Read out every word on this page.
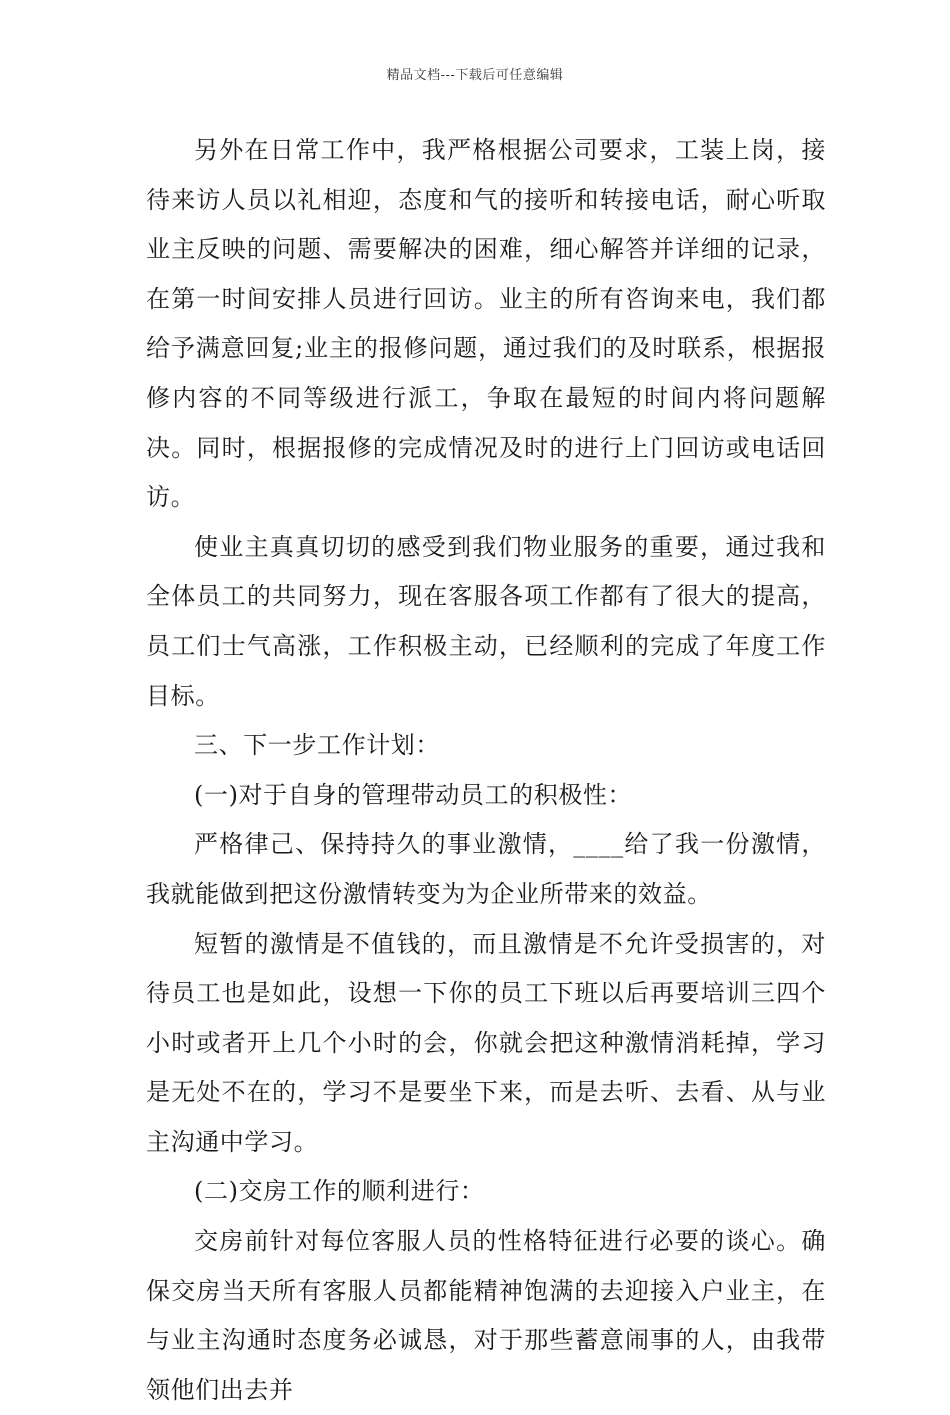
精品文档---下载后可任意编辑

另外在日常工作中，我严格根据公司要求，工装上岗，接待来访人员以礼相迎，态度和气的接听和转接电话，耐心听取业主反映的问题、需要解决的困难，细心解答并详细的记录，在第一时间安排人员进行回访。业主的所有咨询来电，我们都给予满意回复;业主的报修问题，通过我们的及时联系，根据报修内容的不同等级进行派工，争取在最短的时间内将问题解决。同时，根据报修的完成情况及时的进行上门回访或电话回访。

使业主真真切切的感受到我们物业服务的重要，通过我和全体员工的共同努力，现在客服各项工作都有了很大的提高，员工们士气高涨，工作积极主动，已经顺利的完成了年度工作目标。

三、下一步工作计划：

(一)对于自身的管理带动员工的积极性：

严格律己、保持持久的事业激情，____给了我一份激情，我就能做到把这份激情转变为为企业所带来的效益。

短暂的激情是不值钱的，而且激情是不允许受损害的，对待员工也是如此，设想一下你的员工下班以后再要培训三四个小时或者开上几个小时的会，你就会把这种激情消耗掉，学习是无处不在的，学习不是要坐下来，而是去听、去看、从与业主沟通中学习。

(二)交房工作的顺利进行：

交房前针对每位客服人员的性格特征进行必要的谈心。确保交房当天所有客服人员都能精神饱满的去迎接入户业主，在与业主沟通时态度务必诚恳，对于那些蓄意闹事的人，由我带领他们出去并
